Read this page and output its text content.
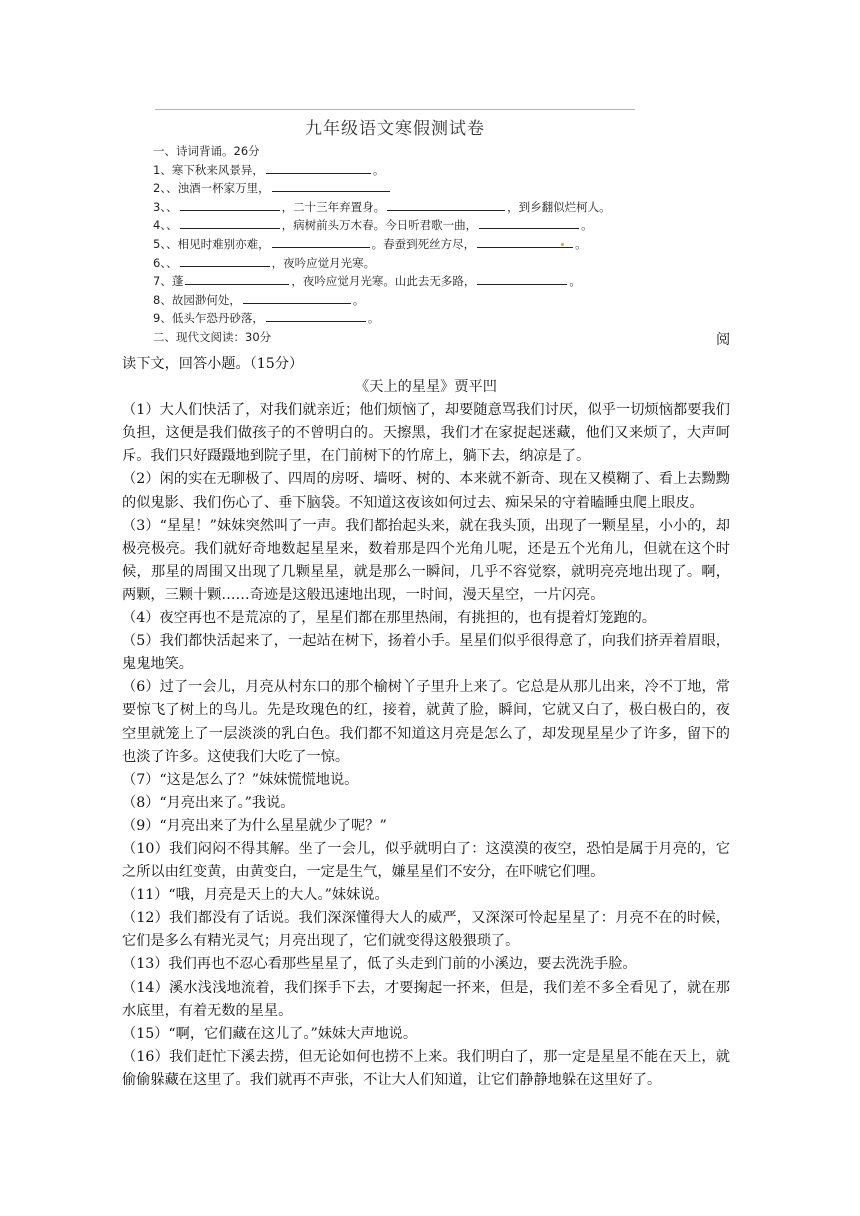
九年级语文寒假测试卷
一、诗词背诵。26分
1、寒下秋来风景异，	。
2、、浊酒一杯家万里，
3、、	，二十三年弃置身。	，到乡翻似烂柯人。
4、、	，病树前头万木春。今日听君歌一曲，	。
5、、相见时难别亦难，	。春蚕到死丝方尽，	。
6、、	，夜吟应觉月光寒。
7、蓬	，夜吟应觉月光寒。山此去无多路，	。
8、故园渺何处，	。
9、低头乍恐丹砂落，	。
二、现代文阅读：30分	阅

读下文，回答小题。（15分）

《天上的星星》贾平凹

（1）大人们快活了，对我们就亲近；他们烦恼了，却要随意骂我们讨厌，似乎一切烦恼都要我们负担，这便是我们做孩子的不曾明白的。天擦黑，我们才在家捉起迷藏，他们又来烦了，大声呵斥。我们只好蹑蹑地到院子里，在门前树下的竹席上，躺下去，纳凉是了。

（2）闲的实在无聊极了、四周的房呀、墙呀、树的、本来就不新奇、现在又模糊了、看上去黝黝的似鬼影、我们伤心了、垂下脑袋。不知道这夜该如何过去、痴呆呆的守着瞌睡虫爬上眼皮。

（3）“星星！”妹妹突然叫了一声。我们都抬起头来，就在我头顶，出现了一颗星星，小小的，却极亮极亮。我们就好奇地数起星星来，数着那是四个光角儿呢，还是五个光角儿，但就在这个时候，那星的周围又出现了几颗星星，就是那么一瞬间，几乎不容觉察，就明亮亮地出现了。啊，两颗，三颗十颗……奇迹是这般迅速地出现，一时间，漫天星空，一片闪亮。

（4）夜空再也不是荒凉的了，星星们都在那里热闹，有挑担的，也有提着灯笼跑的。

（5）我们都快活起来了，一起站在树下，扬着小手。星星们似乎很得意了，向我们挤弄着眉眼，鬼鬼地笑。

（6）过了一会儿，月亮从村东口的那个榆树丫子里升上来了。它总是从那儿出来，冷不丁地，常要惊飞了树上的鸟儿。先是玫瑰色的红，接着，就黄了脸，瞬间，它就又白了，极白极白的，夜空里就笼上了一层淡淡的乳白色。我们都不知道这月亮是怎么了，却发现星星少了许多，留下的也淡了许多。这使我们大吃了一惊。

（7）“这是怎么了？”妹妹慌慌地说。

（8）“月亮出来了。”我说。

（9）“月亮出来了为什么星星就少了呢？”

（10）我们闷闷不得其解。坐了一会儿，似乎就明白了：这漠漠的夜空，恐怕是属于月亮的，它之所以由红变黄，由黄变白，一定是生气，嫌星星们不安分，在吓唬它们哩。

（11）“哦，月亮是天上的大人。”妹妹说。

（12）我们都没有了话说。我们深深懂得大人的威严，又深深可怜起星星了：月亮不在的时候，它们是多么有精光灵气；月亮出现了，它们就变得这般猥琐了。

（13）我们再也不忍心看那些星星了，低了头走到门前的小溪边，要去洗洗手脸。

（14）溪水浅浅地流着，我们探手下去，才要掬起一抔来，但是，我们差不多全看见了，就在那水底里，有着无数的星星。

（15）“啊，它们藏在这儿了。”妹妹大声地说。

（16）我们赶忙下溪去捞，但无论如何也捞不上来。我们明白了，那一定是星星不能在天上，就偷偷躲藏在这里了。我们就再不声张，不让大人们知道，让它们静静地躲在这里好了。
